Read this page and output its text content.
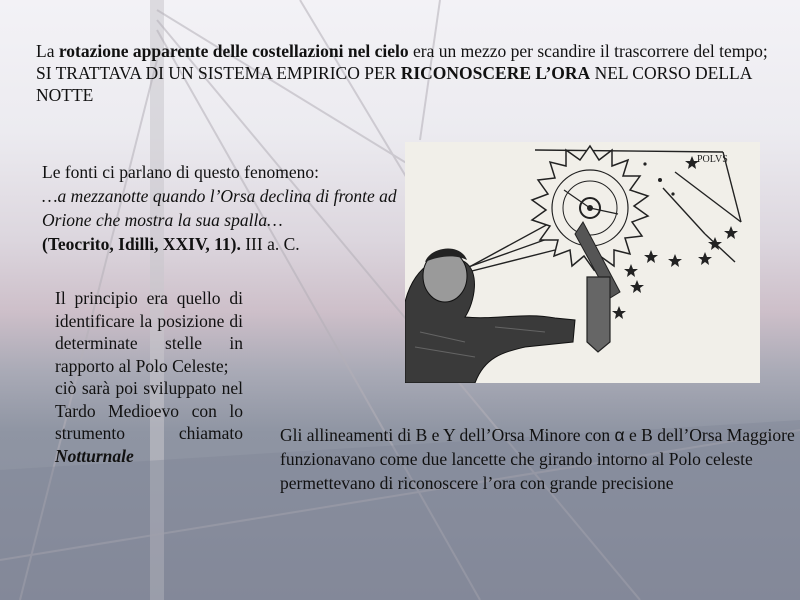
La rotazione apparente delle costellazioni nel cielo era un mezzo per scandire il trascorrere del tempo;
SI TRATTAVA DI UN SISTEMA EMPIRICO PER RICONOSCERE L’ORA NEL CORSO DELLA NOTTE
Le fonti ci parlano di questo fenomeno:
…a mezzanotte quando l’Orsa declina di fronte ad Orione che mostra la sua spalla…
(Teocrito, Idilli, XXIV, 11). III a. C.
POLVS
Il principio era quello di identificare la posizione di determinate stelle in rapporto al Polo Celeste;
ciò sarà poi sviluppato nel Tardo Medioevo con lo strumento chiamato Notturnale
Gli allineamenti di B e Y dell’Orsa Minore con α e B dell’Orsa Maggiore funzionavano come due lancette che girando intorno al Polo celeste permettevano di riconoscere l’ora con grande precisione
